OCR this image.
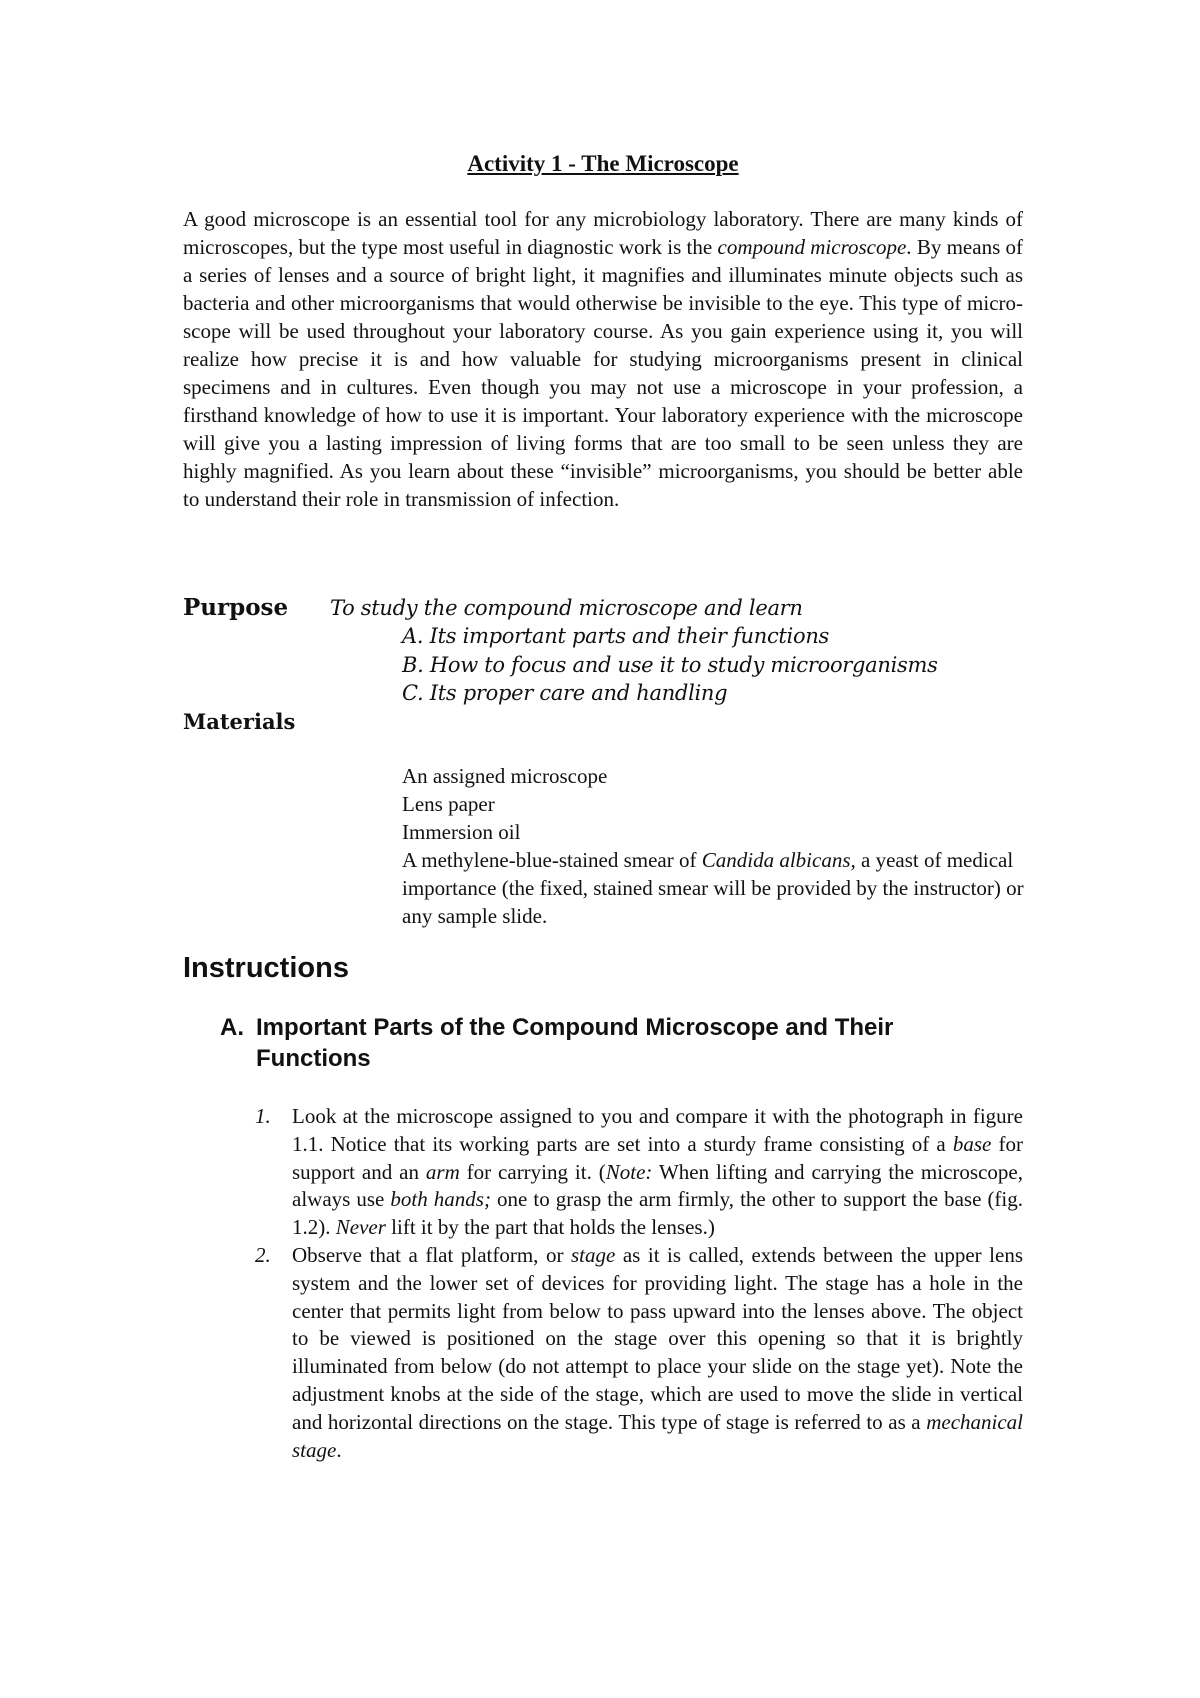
Activity 1 - The Microscope

A good microscope is an essential tool for any microbiology laboratory. There are many kinds of microscopes, but the type most useful in diagnostic work is the compound microscope. By means of a series of lenses and a source of bright light, it magnifies and illuminates minute objects such as bacteria and other microorganisms that would otherwise be invisible to the eye. This type of micro- scope will be used throughout your laboratory course. As you gain experience using it, you will realize how precise it is and how valuable for studying microorganisms present in clinical specimens and in cultures. Even though you may not use a microscope in your profession, a firsthand knowledge of how to use it is important. Your laboratory experience with the microscope will give you a lasting impression of living forms that are too small to be seen unless they are highly magnified. As you learn about these “invisible” microorganisms, you should be better able to understand their role in transmission of infection.

Purpose To study the compound microscope and learn

A. Its important parts and their functions
B. How to focus and use it to study microorganisms
C. Its proper care and handling

Materials

An assigned microscope
Lens paper
Immersion oil
A methylene-blue-stained smear of Candida albicans, a yeast of medical importance (the fixed, stained smear will be provided by the instructor) or any sample slide.
Instructions
A. Important Parts of the Compound Microscope and Their Functions
1. Look at the microscope assigned to you and compare it with the photograph in figure 1.1. Notice that its working parts are set into a sturdy frame consisting of a base for support and an arm for carrying it. (Note: When lifting and carrying the microscope, always use both hands; one to grasp the arm firmly, the other to support the base (fig. 1.2). Never lift it by the part that holds the lenses.)
2. Observe that a flat platform, or stage as it is called, extends between the upper lens system and the lower set of devices for providing light. The stage has a hole in the center that permits light from below to pass upward into the lenses above. The object to be viewed is positioned on the stage over this opening so that it is brightly illuminated from below (do not attempt to place your slide on the stage yet). Note the adjustment knobs at the side of the stage, which are used to move the slide in vertical and horizontal directions on the stage. This type of stage is referred to as a mechanical stage.
